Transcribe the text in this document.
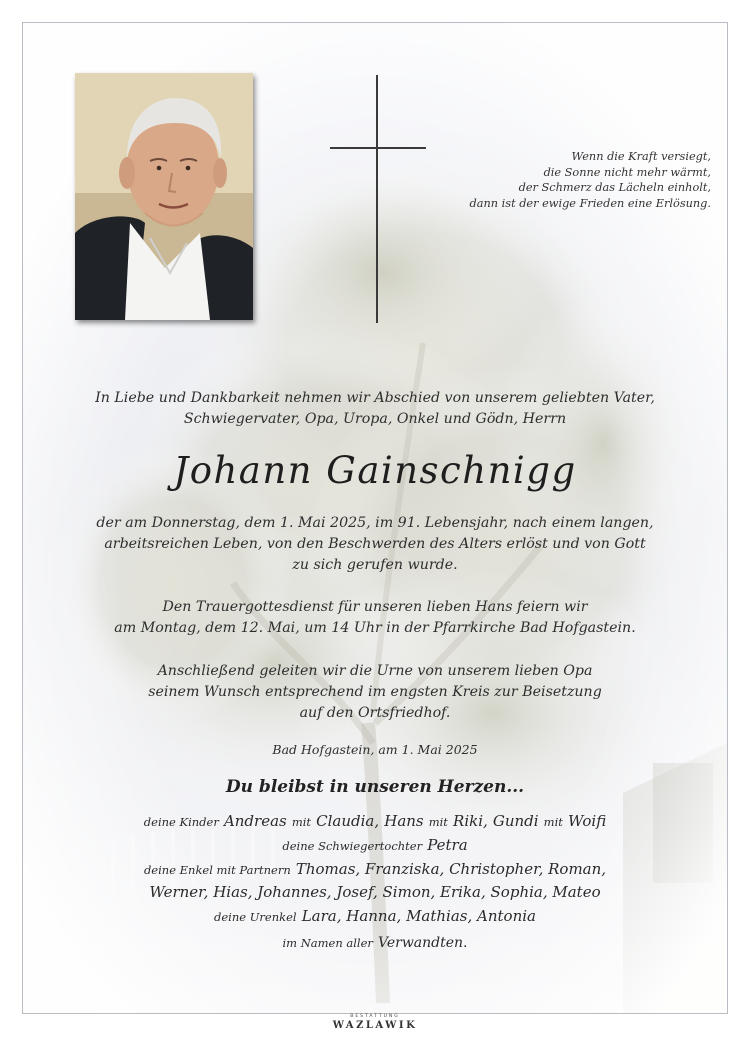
Wenn die Kraft versiegt,
die Sonne nicht mehr wärmt,
der Schmerz das Lächeln einholt,
dann ist der ewige Frieden eine Erlösung.
In Liebe und Dankbarkeit nehmen wir Abschied von unserem geliebten Vater,
Schwiegervater, Opa, Uropa, Onkel und Gödn, Herrn
Johann Gainschnigg
der am Donnerstag, dem 1. Mai 2025, im 91. Lebensjahr, nach einem langen,
arbeitsreichen Leben, von den Beschwerden des Alters erlöst und von Gott
zu sich gerufen wurde.
Den Trauergottesdienst für unseren lieben Hans feiern wir
am Montag, dem 12. Mai, um 14 Uhr in der Pfarrkirche Bad Hofgastein.
Anschließend geleiten wir die Urne von unserem lieben Opa
seinem Wunsch entsprechend im engsten Kreis zur Beisetzung
auf den Ortsfriedhof.
Bad Hofgastein, am 1. Mai 2025
Du bleibst in unseren Herzen...
deine Kinder Andreas mit Claudia, Hans mit Riki, Gundi mit Woifi
deine Schwiegertochter Petra
deine Enkel mit Partnern Thomas, Franziska, Christopher, Roman,
Werner, Hias, Johannes, Josef, Simon, Erika, Sophia, Mateo
deine Urenkel Lara, Hanna, Mathias, Antonia
im Namen aller Verwandten.
BESTATTUNG
WAZLAWIK
